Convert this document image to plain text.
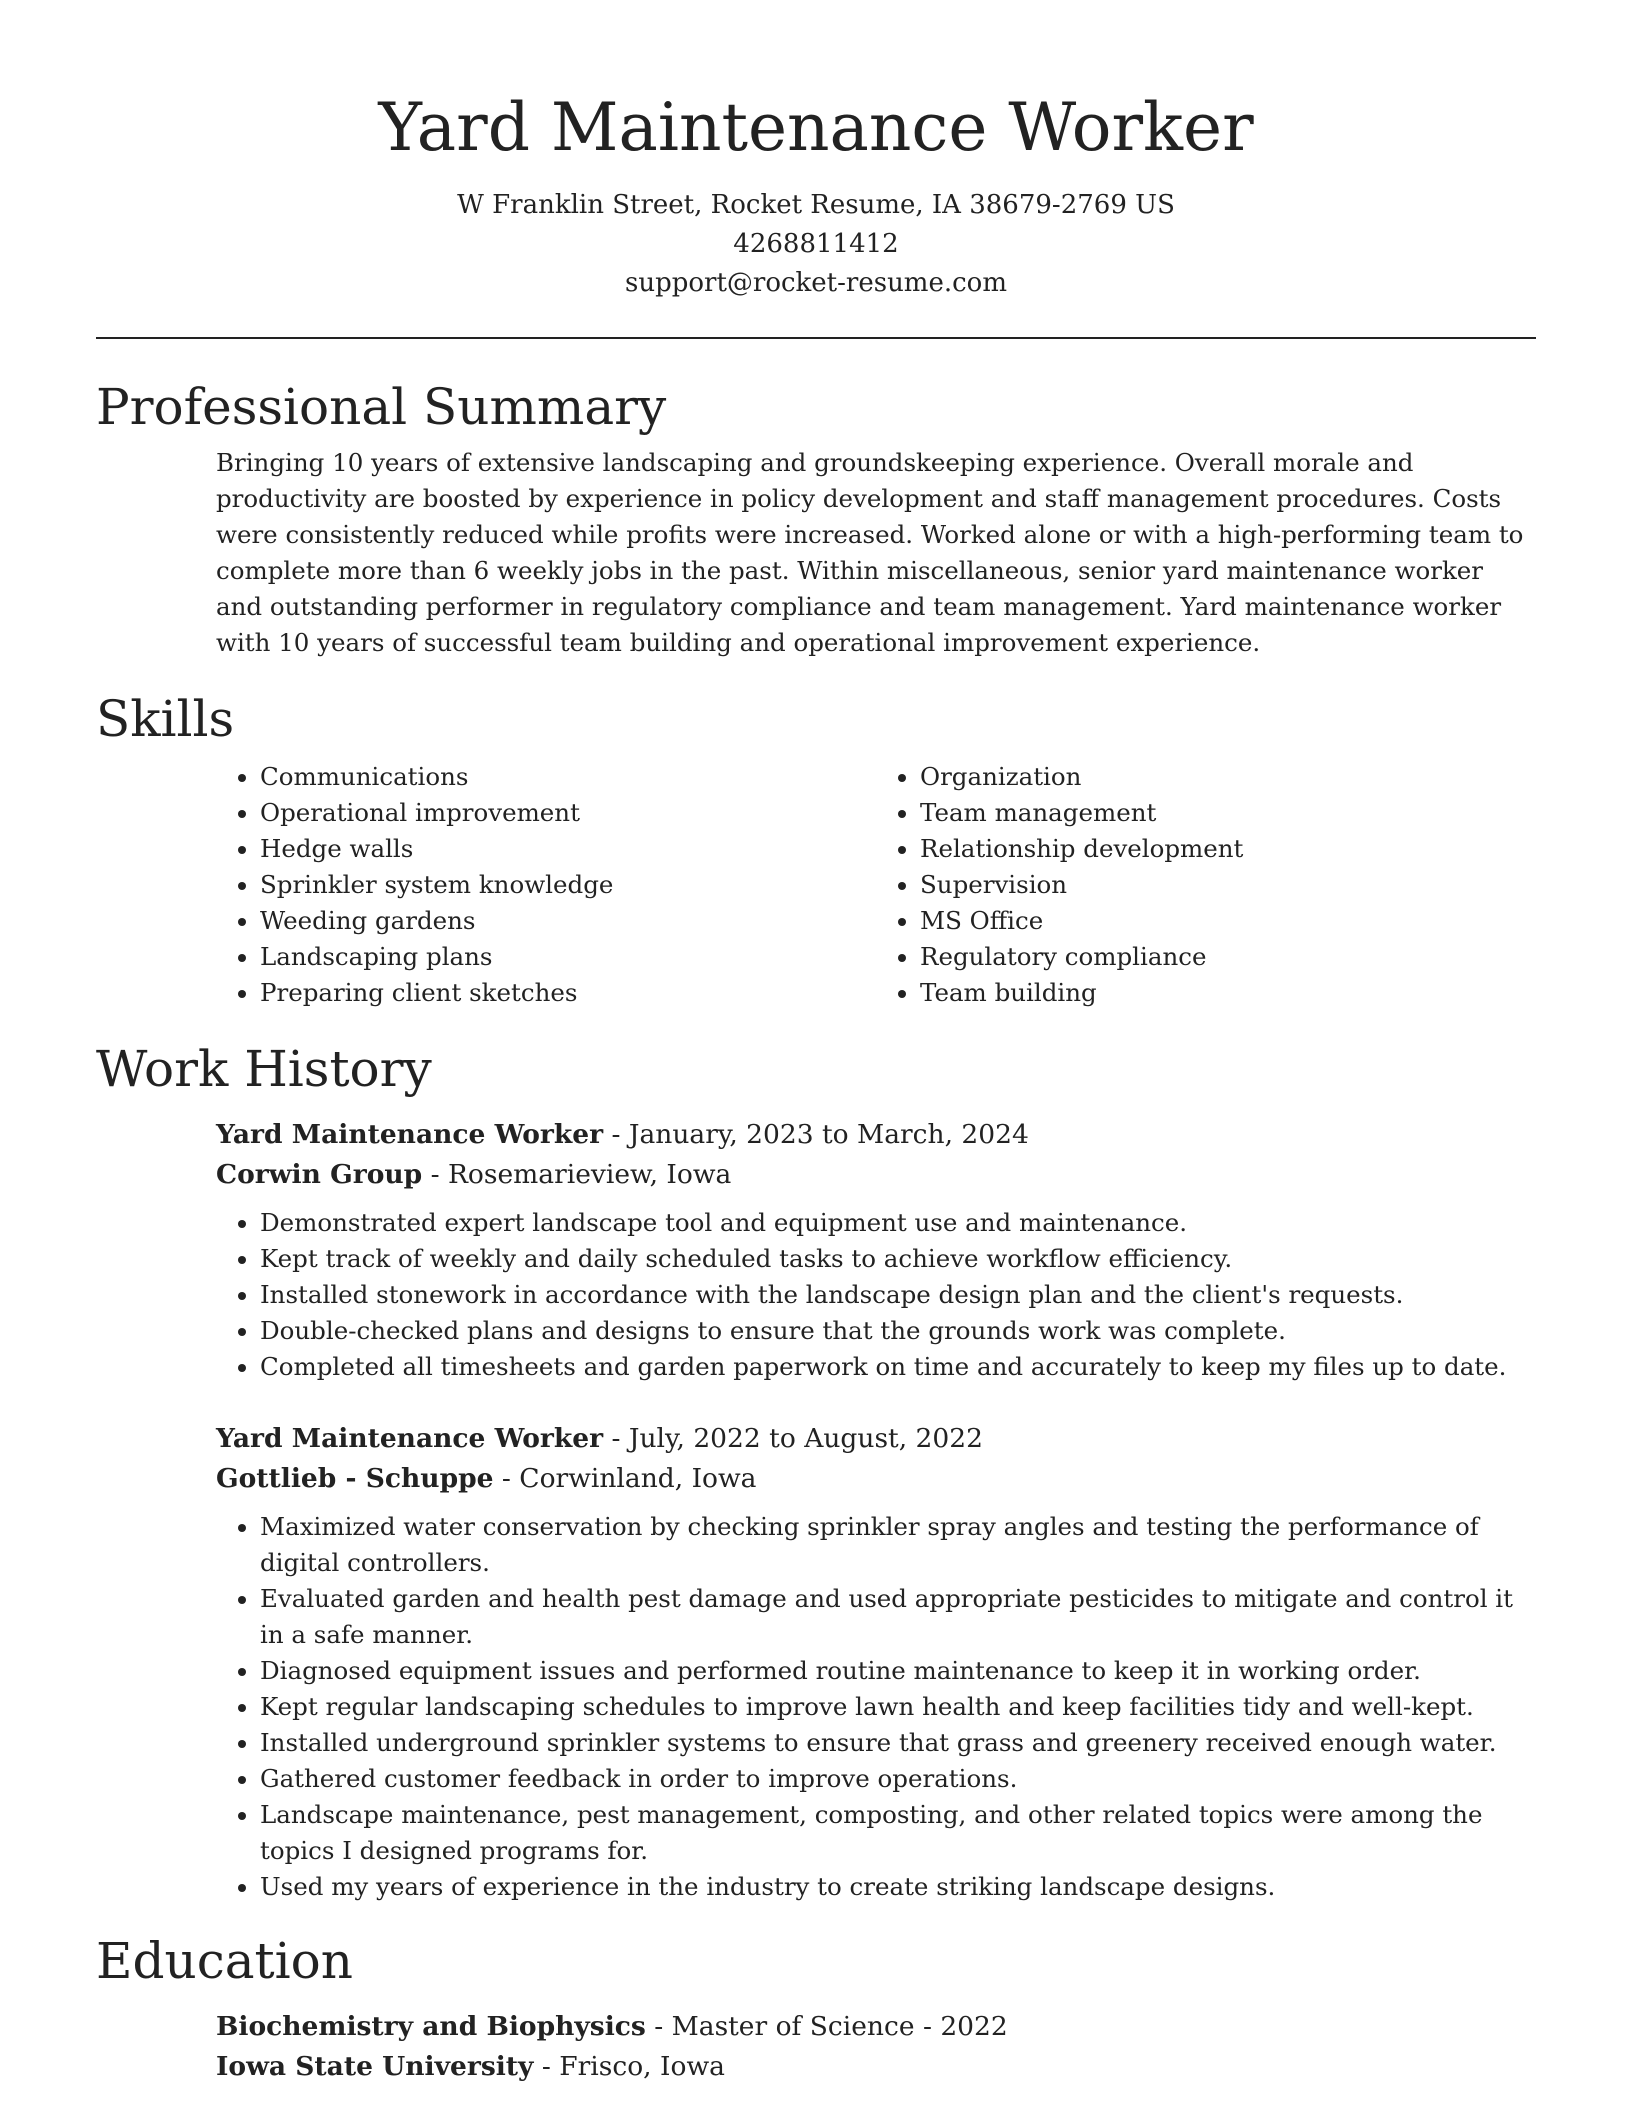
Yard Maintenance Worker
W Franklin Street, Rocket Resume, IA 38679-2769 US
4268811412
support@rocket-resume.com
Professional Summary

Bringing 10 years of extensive landscaping and groundskeeping experience. Overall morale and productivity are boosted by experience in policy development and staff management procedures. Costs were consistently reduced while profits were increased. Worked alone or with a high-performing team to complete more than 6 weekly jobs in the past. Within miscellaneous, senior yard maintenance worker and outstanding performer in regulatory compliance and team management. Yard maintenance worker with 10 years of successful team building and operational improvement experience.

Skills
• Communications
• Operational improvement
• Hedge walls
• Sprinkler system knowledge
• Weeding gardens
• Landscaping plans
• Preparing client sketches
• Organization
• Team management
• Relationship development
• Supervision
• MS Office
• Regulatory compliance
• Team building
Work History
Yard Maintenance Worker - January, 2023 to March, 2024
Corwin Group - Rosemarieview, Iowa
• Demonstrated expert landscape tool and equipment use and maintenance.
• Kept track of weekly and daily scheduled tasks to achieve workflow efficiency.
• Installed stonework in accordance with the landscape design plan and the client's requests.
• Double-checked plans and designs to ensure that the grounds work was complete.
• Completed all timesheets and garden paperwork on time and accurately to keep my files up to date.
Yard Maintenance Worker - July, 2022 to August, 2022
Gottlieb - Schuppe - Corwinland, Iowa
• Maximized water conservation by checking sprinkler spray angles and testing the performance of digital controllers.
• Evaluated garden and health pest damage and used appropriate pesticides to mitigate and control it in a safe manner.
• Diagnosed equipment issues and performed routine maintenance to keep it in working order.
• Kept regular landscaping schedules to improve lawn health and keep facilities tidy and well-kept.
• Installed underground sprinkler systems to ensure that grass and greenery received enough water.
• Gathered customer feedback in order to improve operations.
• Landscape maintenance, pest management, composting, and other related topics were among the topics I designed programs for.
• Used my years of experience in the industry to create striking landscape designs.
Education
Biochemistry and Biophysics - Master of Science - 2022
Iowa State University - Frisco, Iowa
